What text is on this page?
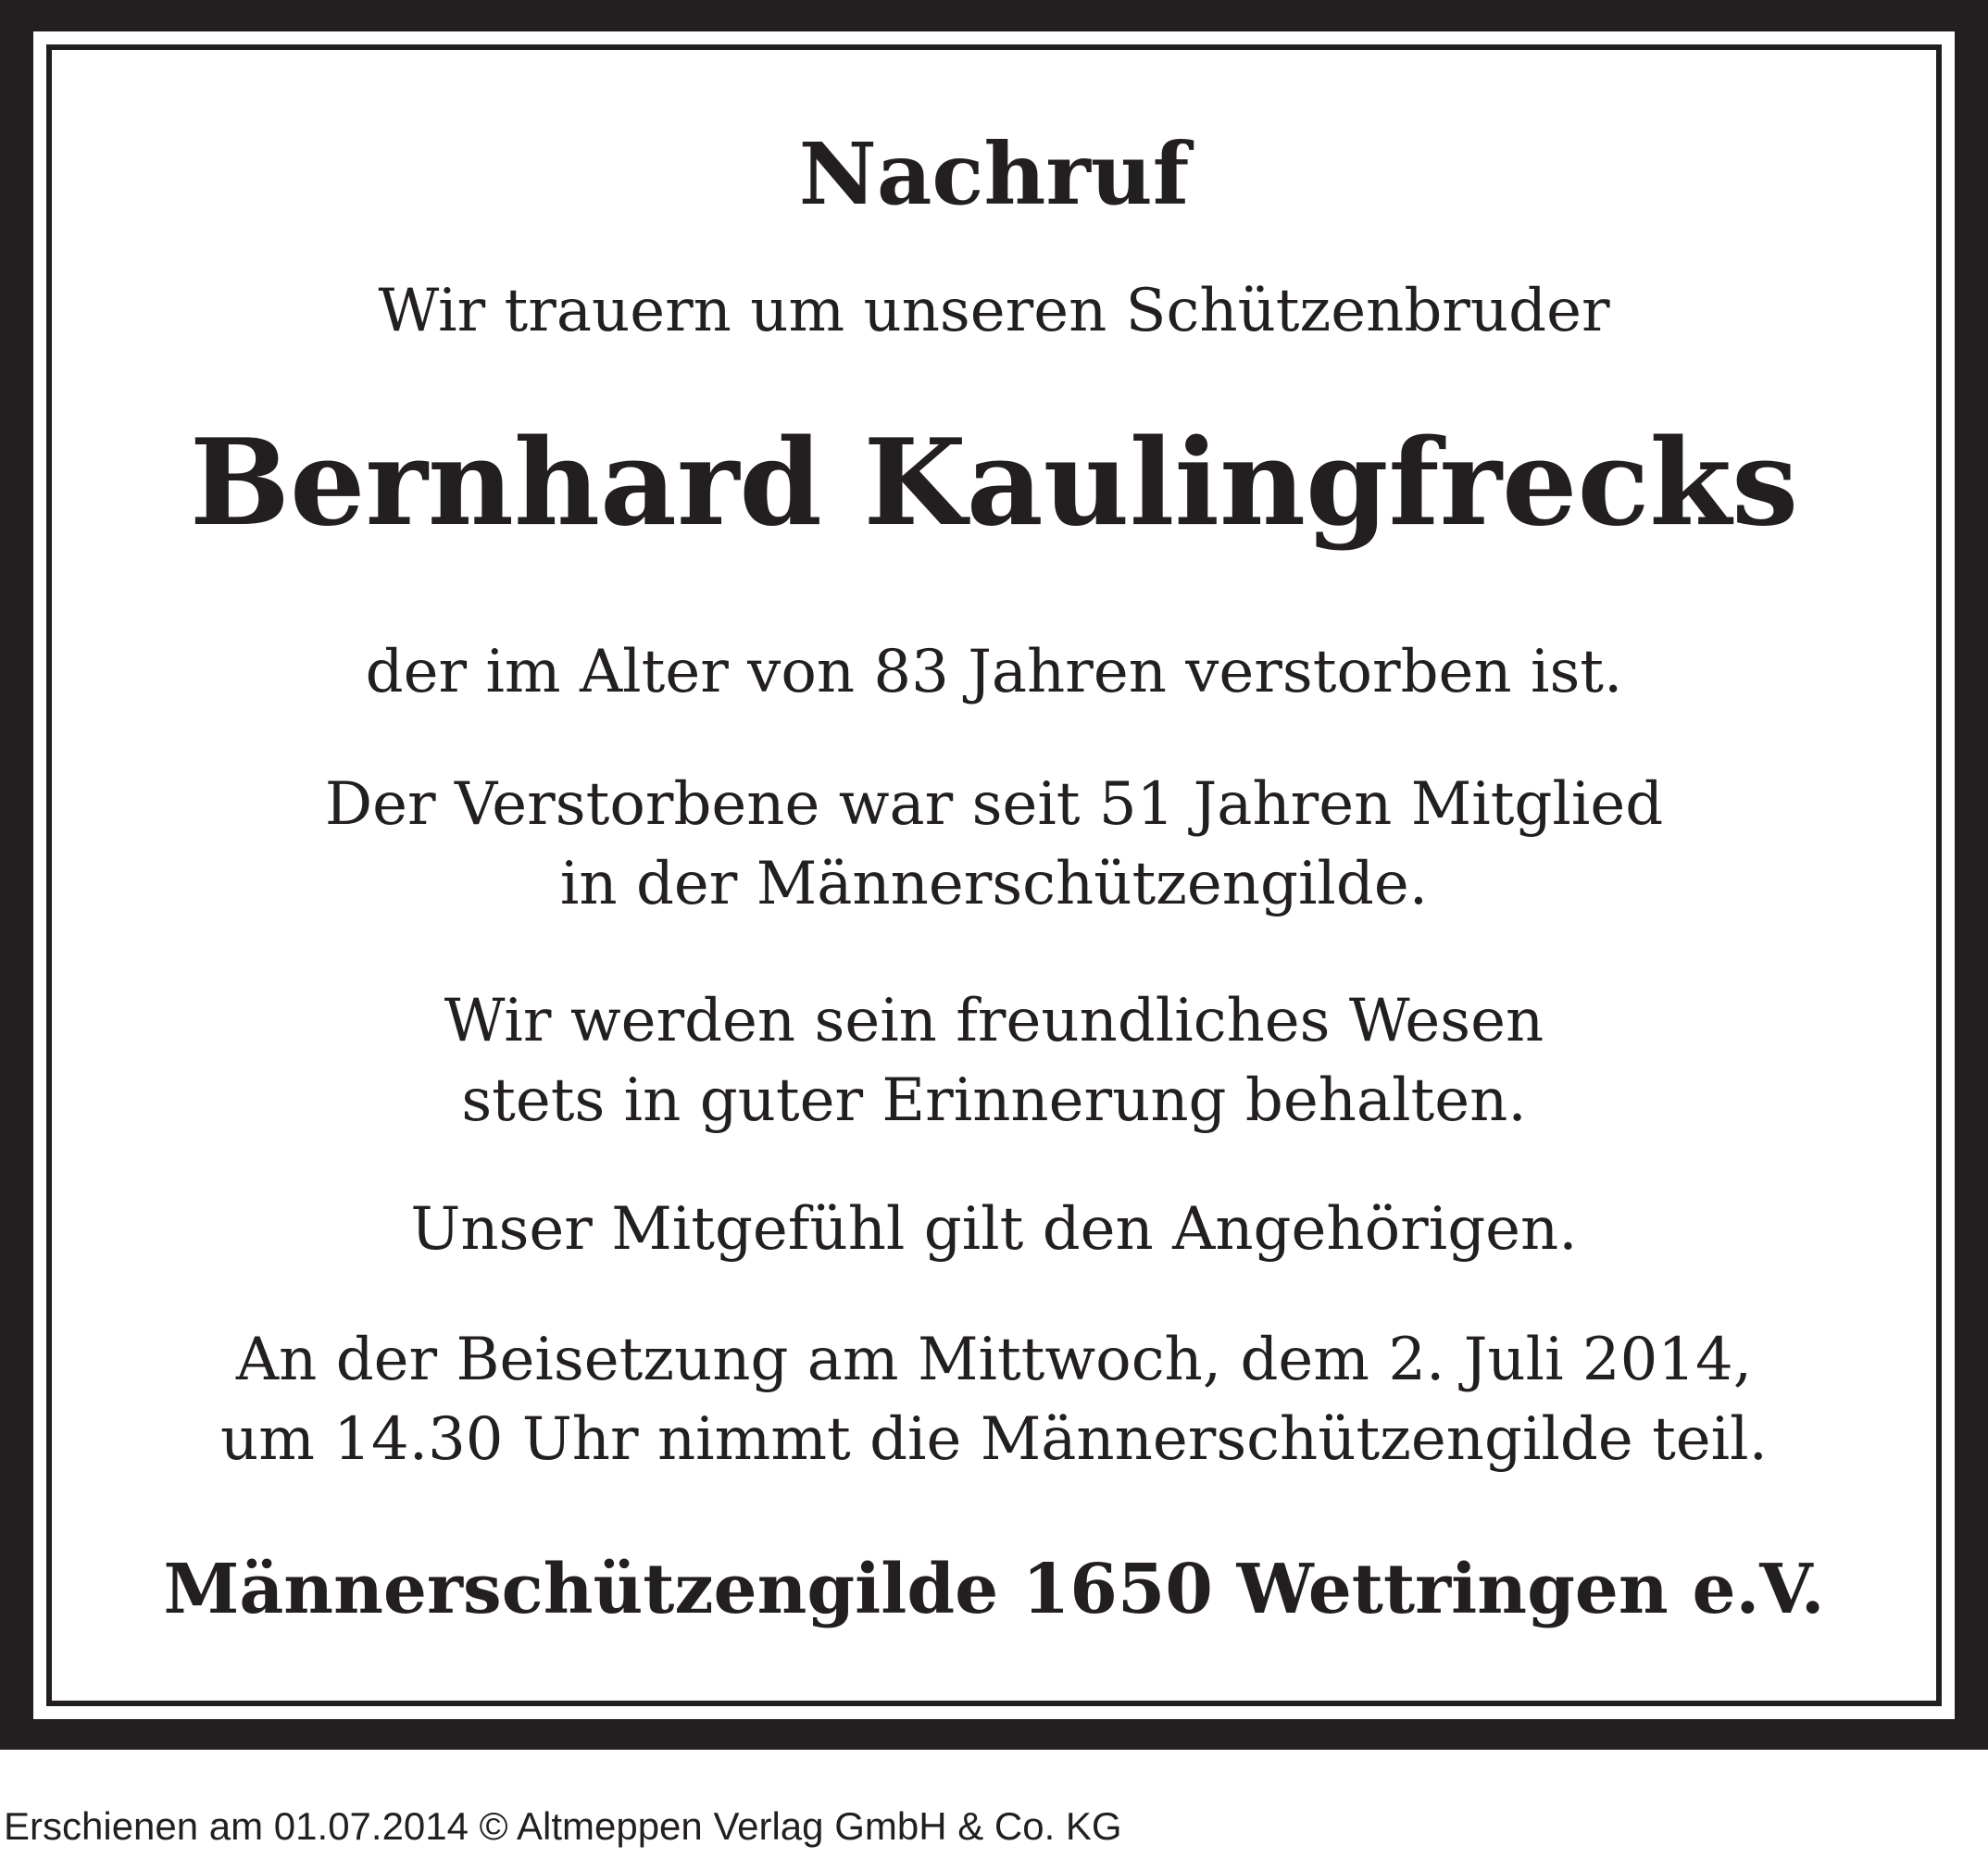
Nachruf

Wir trauern um unseren Schützenbruder

Bernhard Kaulingfrecks

der im Alter von 83 Jahren verstorben ist.

Der Verstorbene war seit 51 Jahren Mitglied
in der Männerschützengilde.
Wir werden sein freundliches Wesen
stets in guter Erinnerung behalten.

Unser Mitgefühl gilt den Angehörigen.

An der Beisetzung am Mittwoch, dem 2. Juli 2014,
um 14.30 Uhr nimmt die Männerschützengilde teil.

Männerschützengilde 1650 Wettringen e.V.

Erschienen am 01.07.2014 © Altmeppen Verlag GmbH & Co. KG
